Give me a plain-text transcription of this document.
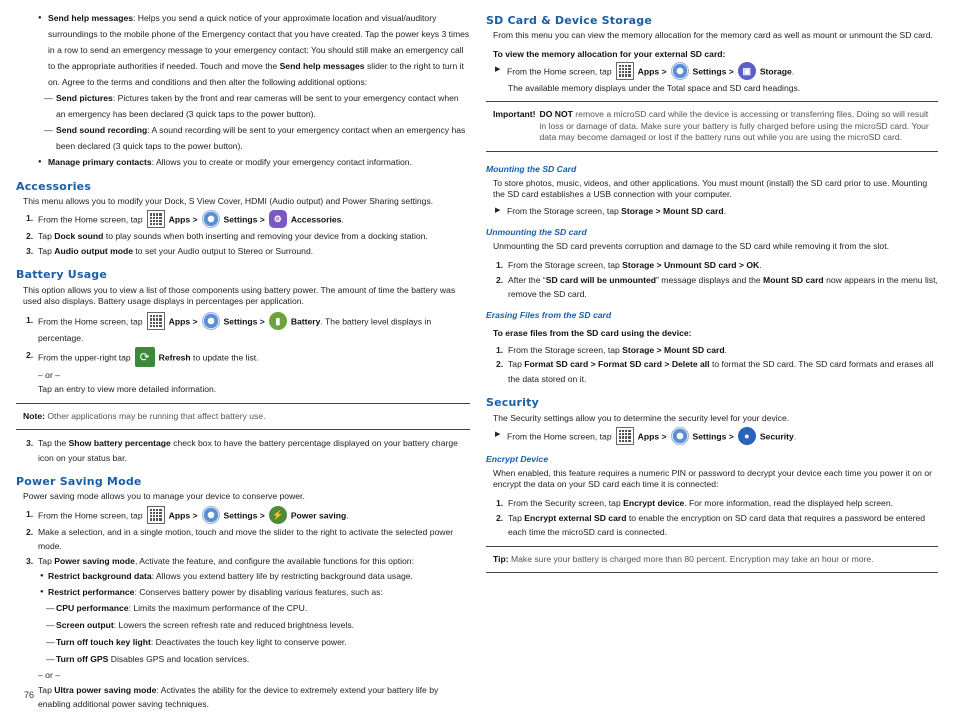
● Send help messages: Helps you send a quick notice of your approximate location and visual/auditory surroundings to the mobile phone of the Emergency contact that you have created. Tap the power keys 3 times in a row to send an emergency message to your emergency contact: You should still make an emergency call to the appropriate authorities if needed. Touch and move the Send help messages slider to the right to turn it on. Agree to the terms and conditions and then alter the following additional options:
— Send pictures: Pictures taken by the front and rear cameras will be sent to your emergency contact when an emergency has been declared (3 quick taps to the power button).
— Send sound recording: A sound recording will be sent to your emergency contact when an emergency has been declared (3 quick taps to the power button).
● Manage primary contacts: Allows you to create or modify your emergency contact information.
Accessories

This menu allows you to modify your Dock, S View Cover, HDMI (Audio output) and Power Sharing settings.

1. From the Home screen, tap	Apps >	Settings > ⚙ Accessories.
2. Tap Dock sound to play sounds when both inserting and removing your device from a docking station.
3. Tap Audio output mode to set your Audio output to Stereo or Surround.
Battery Usage

This option allows you to view a list of those components using battery power. The amount of time the battery was used also displays. Battery usage displays in percentages per application.

1. From the Home screen, tap	Apps >	Settings > ▮ Battery. The battery level displays in percentage.
2. From the upper-right tap ⟳ Refresh to update the list.

– or –

Tap an entry to view more detailed information.

Note: Other applications may be running that affect battery use.
3. Tap the Show battery percentage check box to have the battery percentage displayed on your battery charge icon on your status bar.
Power Saving Mode

Power saving mode allows you to manage your device to conserve power.

1. From the Home screen, tap	Apps >	Settings > ⚡ Power saving.
2. Make a selection, and in a single motion, touch and move the slider to the right to activate the selected power mode.
3. Tap Power saving mode, Activate the feature, and configure the available functions for this option:
● Restrict background data: Allows you extend battery life by restricting background data usage.
● Restrict performance: Conserves battery power by disabling various features, such as:
— CPU performance: Limits the maximum performance of the CPU.
— Screen output: Lowers the screen refresh rate and reduced brightness levels.
— Turn off touch key light: Deactivates the touch key light to conserve power.
— Turn off GPS Disables GPS and location services.

– or –

Tap Ultra power saving mode: Activates the ability for the device to extremely extend your battery life by enabling additional power saving techniques.

76
SD Card & Device Storage

From this menu you can view the memory allocation for the memory card as well as mount or unmount the SD card.

To view the memory allocation for your external SD card:

▶ From the Home screen, tap	Apps >	Settings > ▣ Storage.

The available memory displays under the Total space and SD card headings.

Important! DO NOT remove a microSD card while the device is accessing or transferring files. Doing so will result in loss or damage of data. Make sure your battery is fully charged before using the microSD card. Your data may become damaged or lost if the battery runs out while you are using the microSD card.
Mounting the SD Card

To store photos, music, videos, and other applications. You must mount (install) the SD card prior to use. Mounting the SD card establishes a USB connection with your computer.

▶ From the Storage screen, tap Storage > Mount SD card.
Unmounting the SD card

Unmounting the SD card prevents corruption and damage to the SD card while removing it from the slot.

1. From the Storage screen, tap Storage > Unmount SD card > OK.
2. After the “SD card will be unmounted” message displays and the Mount SD card now appears in the menu list, remove the SD card.
Erasing Files from the SD card

To erase files from the SD card using the device:

1. From the Storage screen, tap Storage > Mount SD card.
2. Tap Format SD card > Format SD card > Delete all to format the SD card. The SD card formats and erases all the data stored on it.
Security

The Security settings allow you to determine the security level for your device.

▶ From the Home screen, tap	Apps >	Settings > ● Security.
Encrypt Device

When enabled, this feature requires a numeric PIN or password to decrypt your device each time you power it on or encrypt the data on your SD card each time it is connected:

1. From the Security screen, tap Encrypt device. For more information, read the displayed help screen.
2. Tap Encrypt external SD card to enable the encryption on SD card data that requires a password be entered each time the microSD card is connected.
Tip: Make sure your battery is charged more than 80 percent. Encryption may take an hour or more.
